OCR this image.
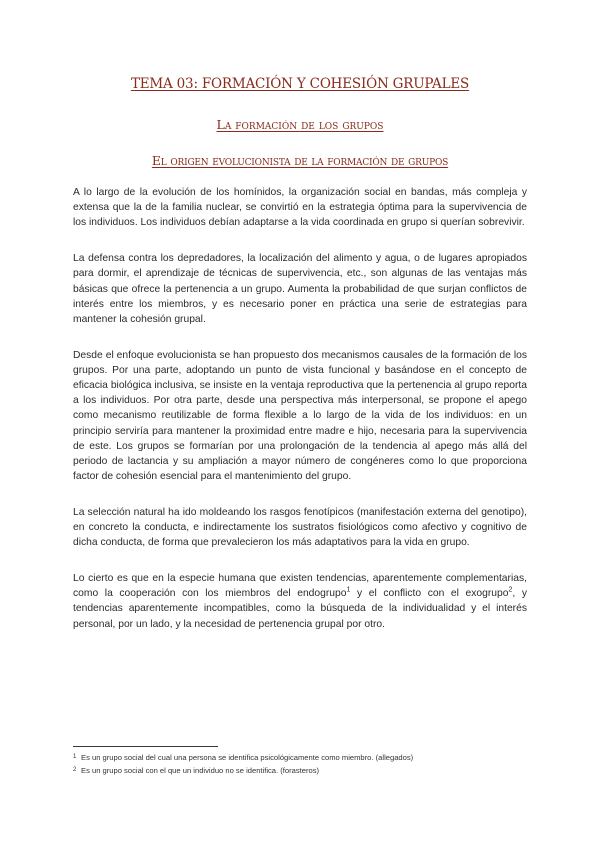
TEMA 03: FORMACIÓN Y COHESIÓN GRUPALES
La formación de los grupos
El origen evolucionista de la formación de grupos

A lo largo de la evolución de los homínidos, la organización social en bandas, más compleja y extensa que la de la familia nuclear, se convirtió en la estrategia óptima para la supervivencia de los individuos. Los individuos debían adaptarse a la vida coordinada en grupo si querían sobrevivir.

La defensa contra los depredadores, la localización del alimento y agua, o de lugares apropiados para dormir, el aprendizaje de técnicas de supervivencia, etc., son algunas de las ventajas más básicas que ofrece la pertenencia a un grupo. Aumenta la probabilidad de que surjan conflictos de interés entre los miembros, y es necesario poner en práctica una serie de estrategias para mantener la cohesión grupal.

Desde el enfoque evolucionista se han propuesto dos mecanismos causales de la formación de los grupos. Por una parte, adoptando un punto de vista funcional y basándose en el concepto de eficacia biológica inclusiva, se insiste en la ventaja reproductiva que la pertenencia al grupo reporta a los individuos. Por otra parte, desde una perspectiva más interpersonal, se propone el apego como mecanismo reutilizable de forma flexible a lo largo de la vida de los individuos: en un principio serviría para mantener la proximidad entre madre e hijo, necesaria para la supervivencia de este. Los grupos se formarían por una prolongación de la tendencia al apego más allá del periodo de lactancia y su ampliación a mayor número de congéneres como lo que proporciona factor de cohesión esencial para el mantenimiento del grupo.

La selección natural ha ido moldeando los rasgos fenotípicos (manifestación externa del genotipo), en concreto la conducta, e indirectamente los sustratos fisiológicos como afectivo y cognitivo de dicha conducta, de forma que prevalecieron los más adaptativos para la vida en grupo.

Lo cierto es que en la especie humana que existen tendencias, aparentemente complementarias, como la cooperación con los miembros del endogrupo$^1$ y el conflicto con el exogrupo$^2$, y tendencias aparentemente incompatibles, como la búsqueda de la individualidad y el interés personal, por un lado, y la necesidad de pertenencia grupal por otro.

1 Es un grupo social del cual una persona se identifica psicológicamente como miembro. (allegados)
2 Es un grupo social con el que un individuo no se identifica. (forasteros)
